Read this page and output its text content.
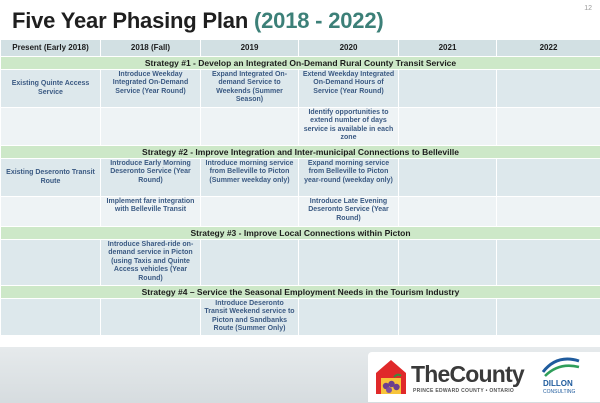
Five Year Phasing Plan (2018 - 2022)	12
Present (Early 2018)	2018 (Fall)	2019	2020	2021	2022
Strategy #1 - Develop an Integrated On-Demand Rural County Transit Service					
Existing Quinte Access Service	Introduce Weekday Integrated On-Demand Service (Year Round)	Expand Integrated On-demand Service to Weekends (Summer Season)	Extend Weekday Integrated On-Demand Hours of Service (Year Round)		
			Identify opportunities to extend number of days service is available in each zone		
Strategy #2 - Improve Integration and Inter-municipal Connections to Belleville					
Existing Deseronto Transit Route	Introduce Early Morning Deseronto Service (Year Round)	Introduce morning service from Belleville to Picton (Summer weekday only)	Expand morning service from Belleville to Picton year-round (weekday only)		
	Implement fare integration with Belleville Transit		Introduce Late Evening Deseronto Service (Year Round)		
Strategy #3 - Improve Local Connections within Picton					
	Introduce Shared-ride on-demand service in Picton (using Taxis and Quinte Access vehicles (Year Round)				
Strategy #4 – Service the Seasonal Employment Needs in the Tourism Industry					
		Introduce Deseronto Transit Weekend service to Picton and Sandbanks Route (Summer Only)			
TheCounty
PRINCE EDWARD COUNTY • ONTARIO
DILLON
CONSULTING
